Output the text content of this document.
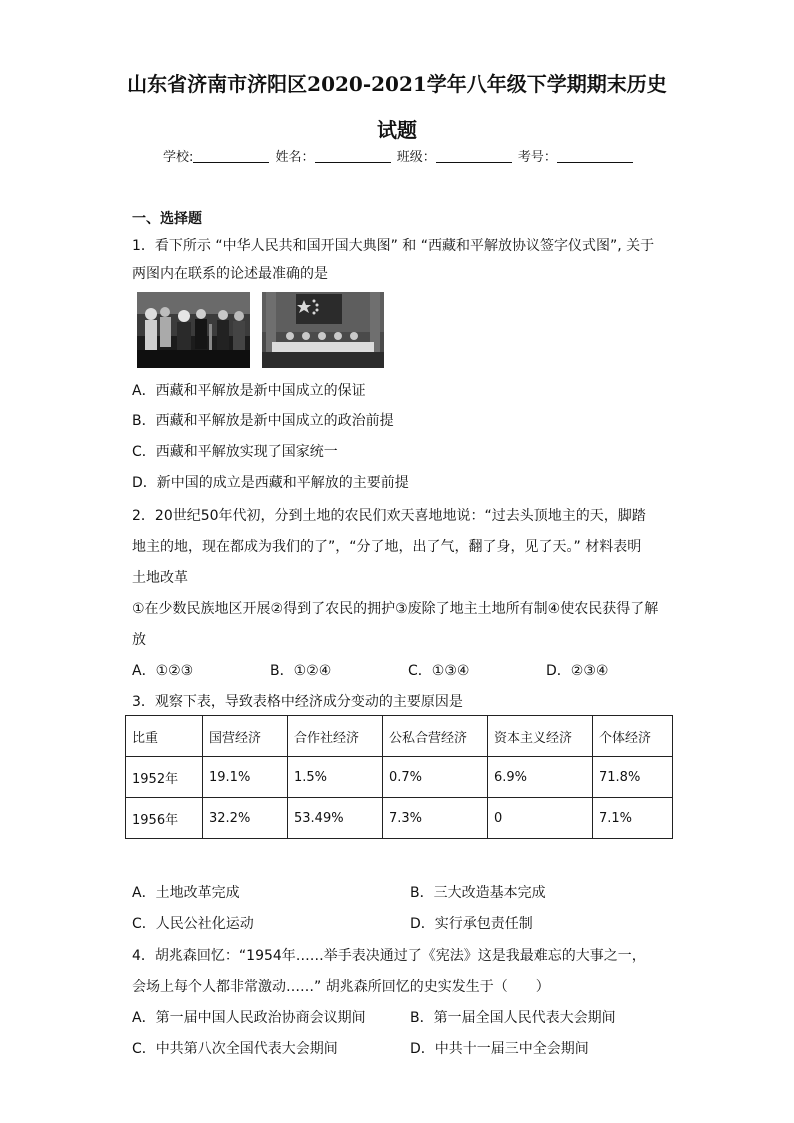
山东省济南市济阳区2020-2021学年八年级下学期期末历史
试题
学校:	姓名：	班级：	考号：
一、选择题
1．看下所示 “中华人民共和国开国大典图” 和 “西藏和平解放协议签字仪式图”, 关于
两图内在联系的论述最准确的是
A．西藏和平解放是新中国成立的保证
B．西藏和平解放是新中国成立的政治前提
C．西藏和平解放实现了国家统一
D．新中国的成立是西藏和平解放的主要前提
2．20世纪50年代初，分到土地的农民们欢天喜地地说：“过去头顶地主的天，脚踏
地主的地，现在都成为我们的了”，“分了地，出了气，翻了身，见了天。” 材料表明
土地改革
①在少数民族地区开展②得到了农民的拥护③废除了地主土地所有制④使农民获得了解
放
A．①②③	B．①②④	C．①③④	D．②③④
3．观察下表，导致表格中经济成分变动的主要原因是
比重	国营经济	合作社经济	公私合营经济	资本主义经济	个体经济
1952年	19.1%	1.5%	0.7%	6.9%	71.8%
1956年	32.2%	53.49%	7.3%	0	7.1%
A．土地改革完成	B．三大改造基本完成
C．人民公社化运动	D．实行承包责任制
4．胡兆森回忆：“1954年……举手表决通过了《宪法》这是我最难忘的大事之一，
会场上每个人都非常激动……” 胡兆森所回忆的史实发生于（　　）
A．第一届中国人民政治协商会议期间	B．第一届全国人民代表大会期间
C．中共第八次全国代表大会期间	D．中共十一届三中全会期间
